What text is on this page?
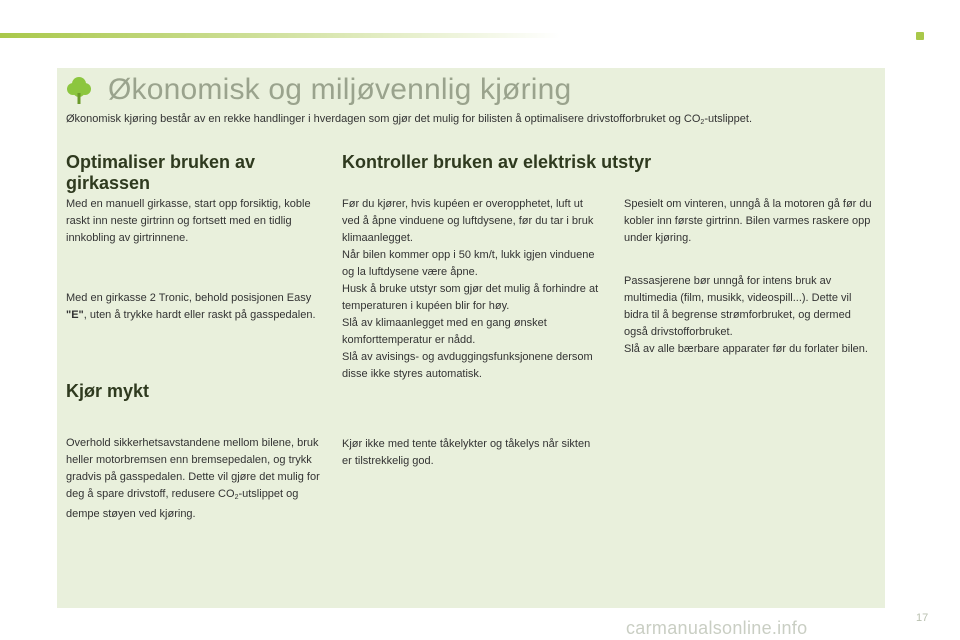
Økonomisk og miljøvennlig kjøring
Økonomisk kjøring består av en rekke handlinger i hverdagen som gjør det mulig for bilisten å optimalisere drivstofforbruket og $CO_2$-utslippet.
Optimaliser bruken av girkassen
Med en manuell girkasse, start opp forsiktig, koble raskt inn neste girtrinn og fortsett med en tidlig innkobling av girtrinnene.
Med en girkasse 2 Tronic, behold posisjonen Easy "E", uten å trykke hardt eller raskt på gasspedalen.
Kjør mykt
Overhold sikkerhetsavstandene mellom bilene, bruk heller motorbremsen enn bremsepedalen, og trykk gradvis på gasspedalen. Dette vil gjøre det mulig for deg å spare drivstoff, redusere $CO_2$-utslippet og dempe støyen ved kjøring.
Kontroller bruken av elektrisk utstyr
Før du kjører, hvis kupéen er overopphetet, luft ut ved å åpne vinduene og luftdysene, før du tar i bruk klimaanlegget.
Når bilen kommer opp i 50 km/t, lukk igjen vinduene og la luftdysene være åpne.
Husk å bruke utstyr som gjør det mulig å forhindre at temperaturen i kupéen blir for høy.
Slå av klimaanlegget med en gang ønsket komforttemperatur er nådd.
Slå av avisings- og avduggingsfunksjonene dersom disse ikke styres automatisk.
Kjør ikke med tente tåkelykter og tåkelys når sikten er tilstrekkelig god.
Spesielt om vinteren, unngå å la motoren gå før du kobler inn første girtrinn. Bilen varmes raskere opp under kjøring.
Passasjerene bør unngå for intens bruk av multimedia (film, musikk, videospill...). Dette vil bidra til å begrense strømforbruket, og dermed også drivstofforbruket.
Slå av alle bærbare apparater før du forlater bilen.
17
carmanualsonline.info
